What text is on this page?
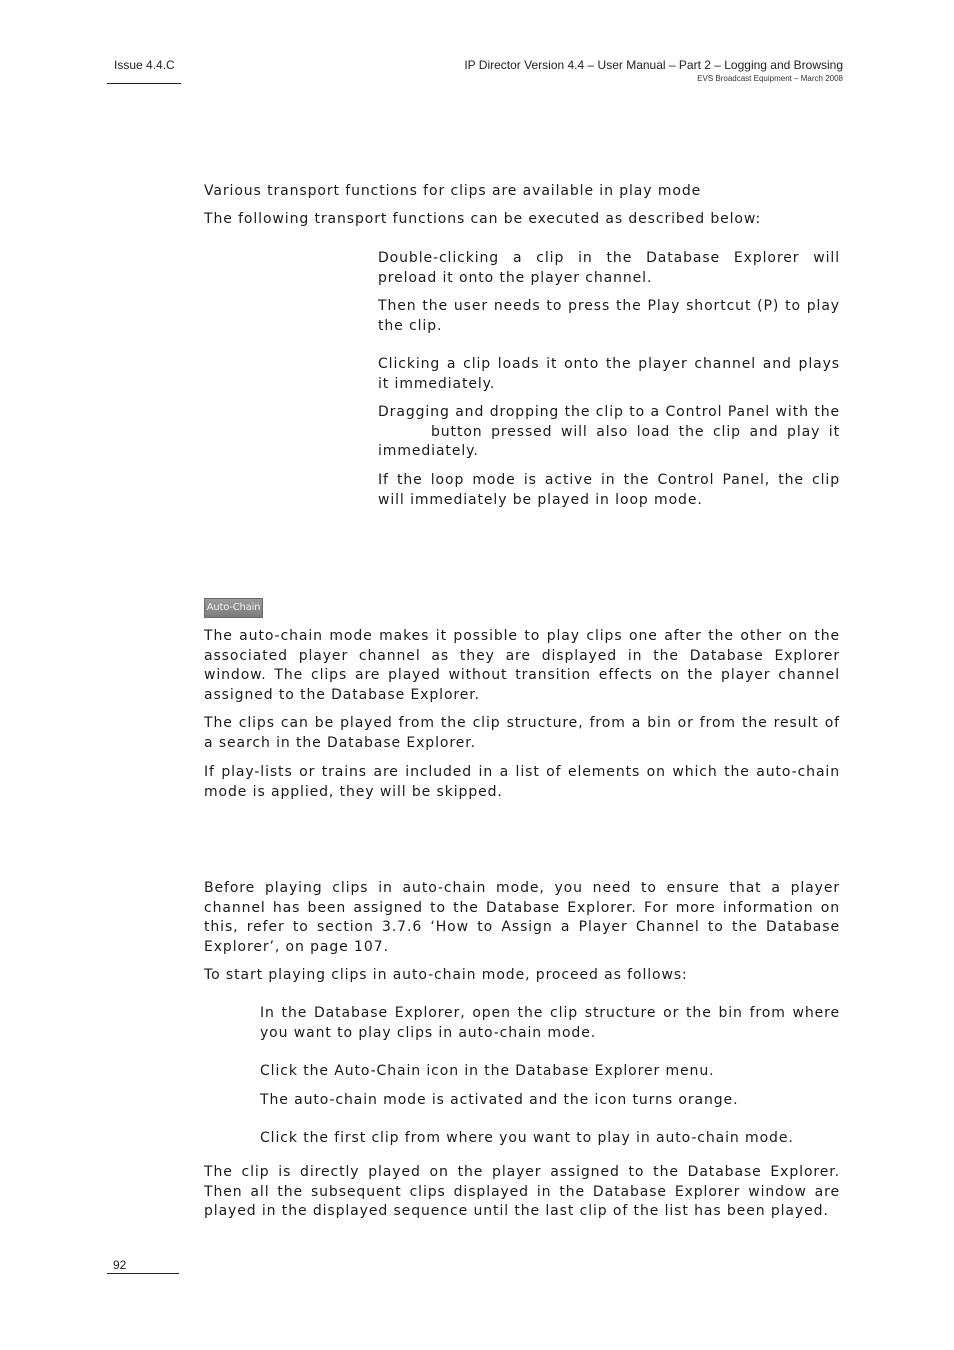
Issue 4.4.C	IP Director Version 4.4 – User Manual – Part 2 – Logging and Browsing
EVS Broadcast Equipment – March 2008

Various transport functions for clips are available in play mode

The following transport functions can be executed as described below:

Double-clicking a clip in the Database Explorer will preload it onto the player channel.

Then the user needs to press the Play shortcut (P) to play the clip.

Clicking a clip loads it onto the player channel and plays it immediately.

Dragging and dropping the clip to a Control Panel with the

button pressed will also load the clip and play it

immediately.

If the loop mode is active in the Control Panel, the clip will immediately be played in loop mode.

Auto-Chain

The auto-chain mode makes it possible to play clips one after the other on the associated player channel as they are displayed in the Database Explorer window. The clips are played without transition effects on the player channel assigned to the Database Explorer.

The clips can be played from the clip structure, from a bin or from the result of a search in the Database Explorer.

If play-lists or trains are included in a list of elements on which the auto-chain mode is applied, they will be skipped.

Before playing clips in auto-chain mode, you need to ensure that a player channel has been assigned to the Database Explorer. For more information on this, refer to section 3.7.6 ‘How to Assign a Player Channel to the Database Explorer’, on page 107.

To start playing clips in auto-chain mode, proceed as follows:

In the Database Explorer, open the clip structure or the bin from where you want to play clips in auto-chain mode.

Click the Auto-Chain icon in the Database Explorer menu.

The auto-chain mode is activated and the icon turns orange.

Click the first clip from where you want to play in auto-chain mode.

The clip is directly played on the player assigned to the Database Explorer. Then all the subsequent clips displayed in the Database Explorer window are played in the displayed sequence until the last clip of the list has been played.

92
